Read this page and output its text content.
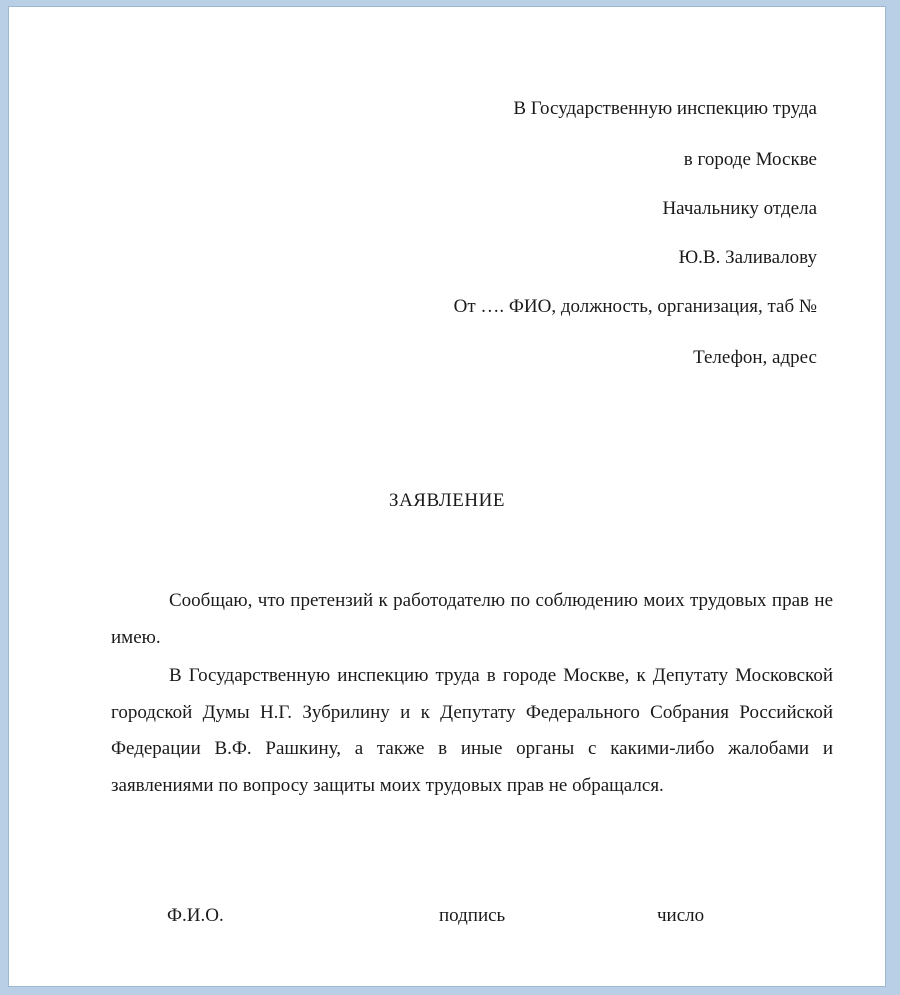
В Государственную инспекцию труда
в городе Москве
Начальнику отдела
Ю.В. Заливалову
От …. ФИО, должность, организация, таб №
Телефон, адрес
ЗАЯВЛЕНИЕ
Сообщаю, что претензий к работодателю по соблюдению моих трудовых прав не имею.
В Государственную инспекцию труда в городе Москве, к Депутату Московской городской Думы Н.Г. Зубрилину и к Депутату Федерального Собрания Российской Федерации В.Ф. Рашкину, а также в иные органы с какими-либо жалобами и заявлениями по вопросу защиты моих трудовых прав не обращался.
Ф.И.О.	подпись	число
